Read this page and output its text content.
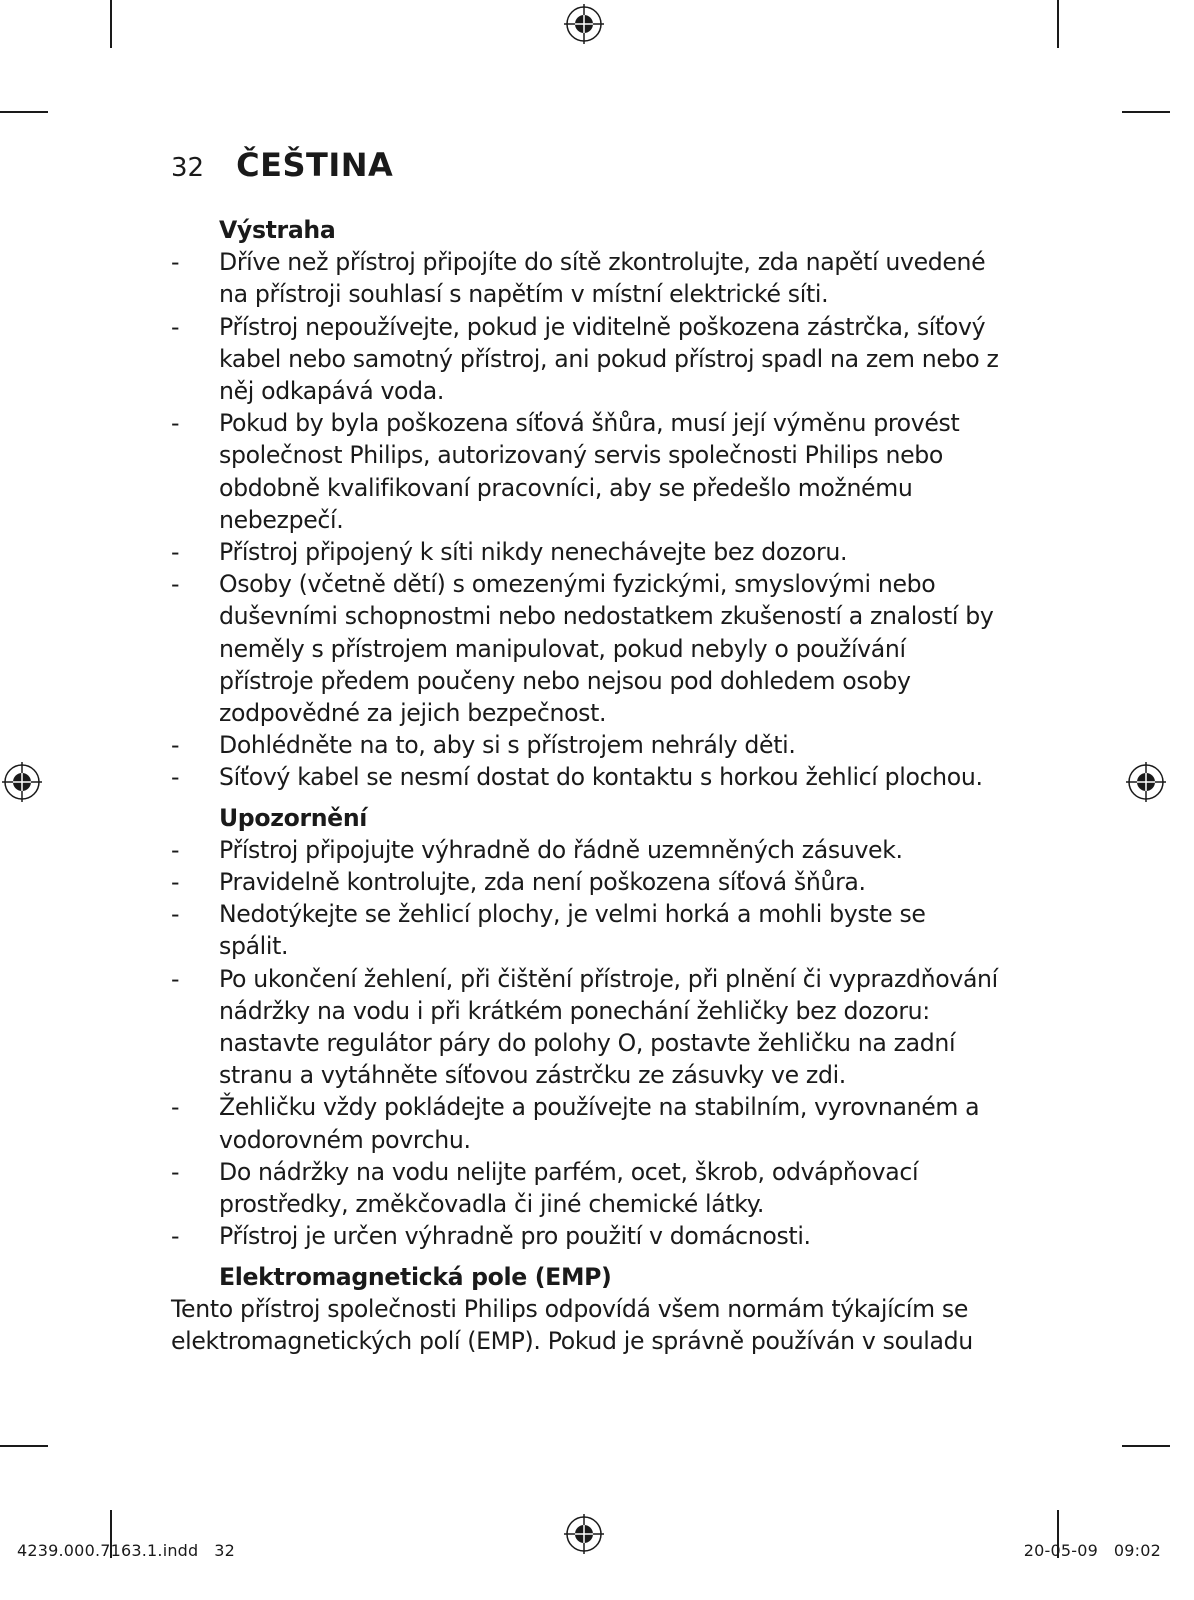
32 ČEŠTINA
Výstraha
- Dříve než přístroj připojíte do sítě zkontrolujte, zda napětí uvedené na přístroji souhlasí s napětím v místní elektrické síti.
- Přístroj nepoužívejte, pokud je viditelně poškozena zástrčka, síťový kabel nebo samotný přístroj, ani pokud přístroj spadl na zem nebo z něj odkapává voda.
- Pokud by byla poškozena síťová šňůra, musí její výměnu provést společnost Philips, autorizovaný servis společnosti Philips nebo obdobně kvalifikovaní pracovníci, aby se předešlo možnému nebezpečí.
- Přístroj připojený k síti nikdy nenechávejte bez dozoru.
- Osoby (včetně dětí) s omezenými fyzickými, smyslovými nebo duševními schopnostmi nebo nedostatkem zkušeností a znalostí by neměly s přístrojem manipulovat, pokud nebyly o používání přístroje předem poučeny nebo nejsou pod dohledem osoby zodpovědné za jejich bezpečnost.
- Dohlédněte na to, aby si s přístrojem nehrály děti.
- Síťový kabel se nesmí dostat do kontaktu s horkou žehlicí plochou.
Upozornění
- Přístroj připojujte výhradně do řádně uzemněných zásuvek.
- Pravidelně kontrolujte, zda není poškozena síťová šňůra.
- Nedotýkejte se žehlicí plochy, je velmi horká a mohli byste se spálit.
- Po ukončení žehlení, při čištění přístroje, při plnění či vyprazdňování nádržky na vodu i při krátkém ponechání žehličky bez dozoru: nastavte regulátor páry do polohy O, postavte žehličku na zadní stranu a vytáhněte síťovou zástrčku ze zásuvky ve zdi.
- Žehličku vždy pokládejte a používejte na stabilním, vyrovnaném a vodorovném povrchu.
- Do nádržky na vodu nelijte parfém, ocet, škrob, odvápňovací prostředky, změkčovadla či jiné chemické látky.
- Přístroj je určen výhradně pro použití v domácnosti.
Elektromagnetická pole (EMP)

Tento přístroj společnosti Philips odpovídá všem normám týkajícím se elektromagnetických polí (EMP). Pokud je správně používán v souladu

4239.000.7163.1.indd   32	20-05-09   09:02
